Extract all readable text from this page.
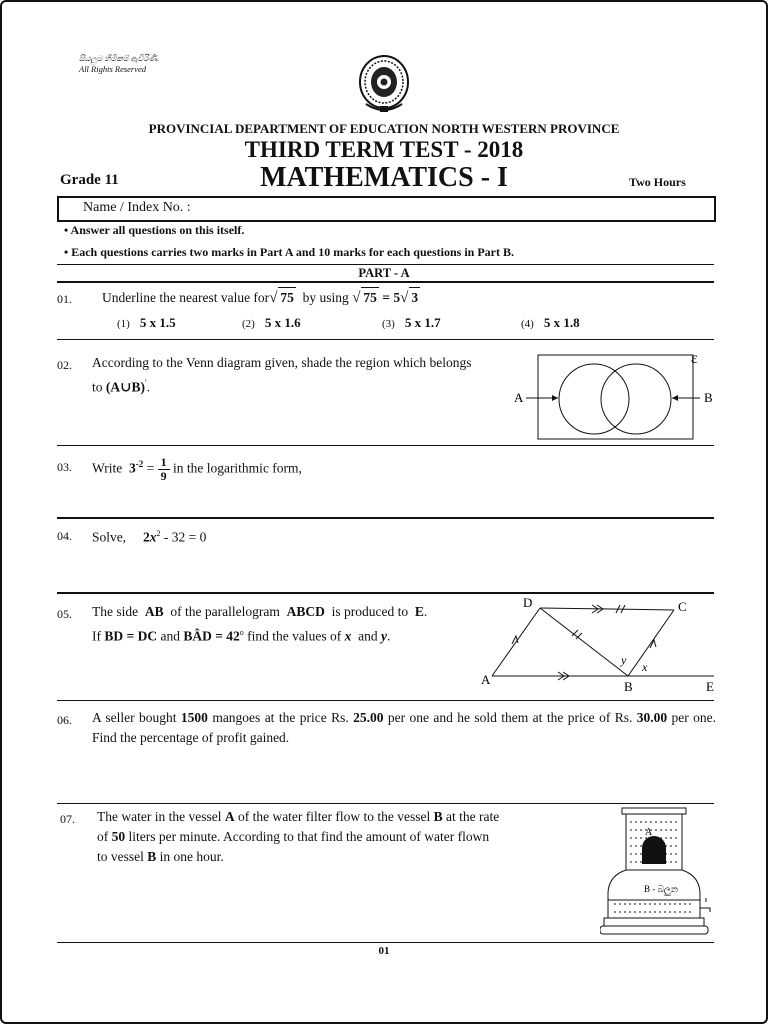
සියලුම හිමිකම් ඇවිරිණි.
All Rights Reserved
PROVINCIAL DEPARTMENT OF EDUCATION NORTH WESTERN PROVINCE
THIRD TERM TEST - 2018
Grade 11	MATHEMATICS - I	Two Hours
Name / Index No. :
• Answer all questions on this itself.
• Each questions carries two marks in Part A and 10 marks for each questions in Part B.
PART - A
01. Underline the nearest value for√ 75 by using √ 75 = 5√ 3
(1) 5 x 1.5	(2) 5 x 1.6	(3) 5 x 1.7	(4) 5 x 1.8
02. According to the Venn diagram given, shade the region which belongs
to (A∪B)'.
ε
A	B
03. Write $3^{-2} = \frac{1}{9}$ in the logarithmic form,
04. Solve, $2x^2 - 32 = 0$
05. The side AB of the parallelogram ABCD is produced to E.
If BD = DC and BÂD = $42^o$ find the values of x and y.
A	B
C
D
E
x
y
06. A seller bought 1500 mangoes at the price Rs. 25.00 per one and he sold them at the price of Rs. 30.00 per one. Find the percentage of profit gained.
07. The water in the vessel A of the water filter flow to the vessel B at the rate
of 50 liters per minute. According to that find the amount of water flown
to vessel B in one hour.
A
B - බලුන
01
